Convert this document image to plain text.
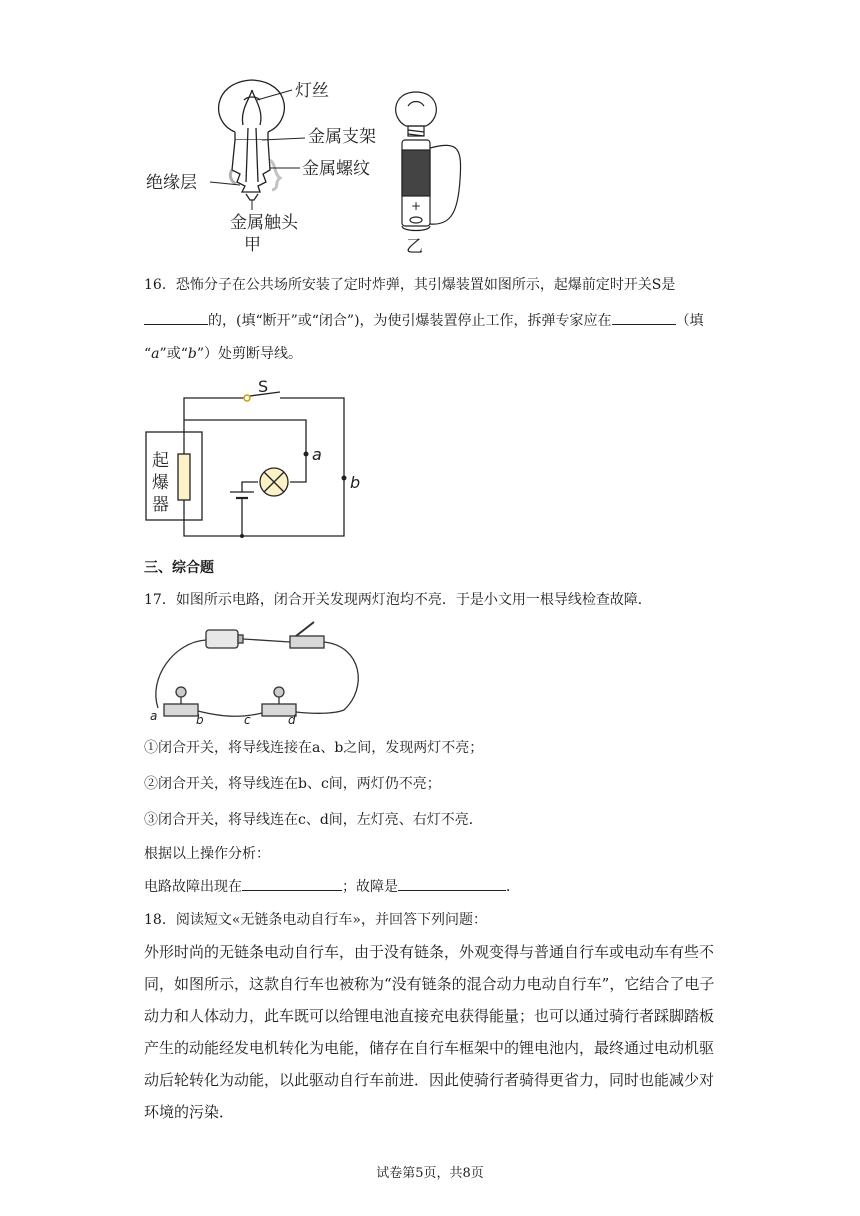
灯丝
金属支架
金属螺纹
绝缘层
金属触头
甲
+
乙
16．恐怖分子在公共场所安装了定时炸弹，其引爆装置如图所示，起爆前定时开关S是
的，(填“断开”或“闭合”)，为使引爆装置停止工作，拆弹专家应在	（填
“a”或“b”）处剪断导线。
S
a
b
起
爆
器
三、综合题
17．如图所示电路，闭合开关发现两灯泡均不亮．于是小文用一根导线检查故障．
a	b	c	d
①闭合开关，将导线连接在a、b之间，发现两灯不亮；
②闭合开关，将导线连在b、c间，两灯仍不亮；
③闭合开关，将导线连在c、d间，左灯亮、右灯不亮．
根据以上操作分析：
电路故障出现在	；故障是	．
18．阅读短文«无链条电动自行车»，并回答下列问题：
外形时尚的无链条电动自行车，由于没有链条，外观变得与普通自行车或电动车有些不
同，如图所示，这款自行车也被称为“没有链条的混合动力电动自行车”，它结合了电子
动力和人体动力，此车既可以给锂电池直接充电获得能量；也可以通过骑行者踩脚踏板
产生的动能经发电机转化为电能，储存在自行车框架中的锂电池内，最终通过电动机驱
动后轮转化为动能，以此驱动自行车前进．因此使骑行者骑得更省力，同时也能减少对
环境的污染．
试卷第5页，共8页
